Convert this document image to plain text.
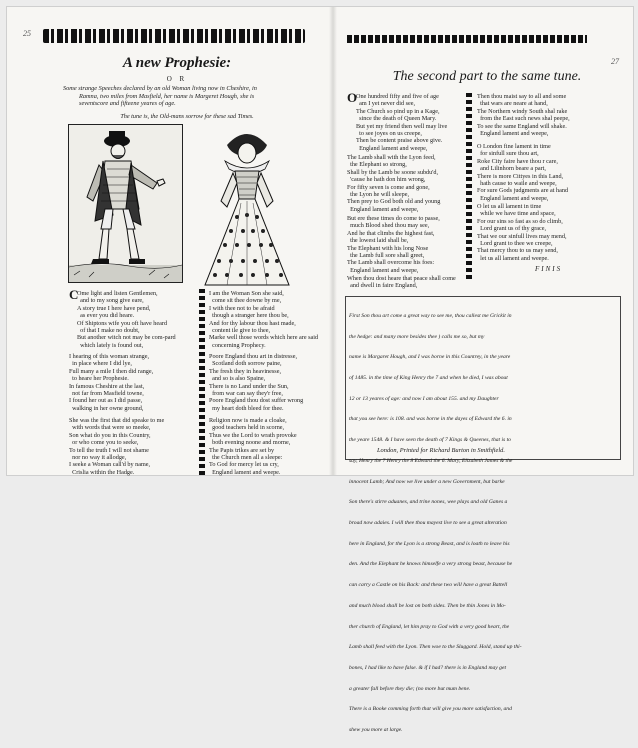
25
A new Prophesie:
O R
Some strange Speeches declared by an old Woman living now in Cheshire, in
Ramna, two miles from Masfield, her name is Margeret Hough, she is
seventscore and fifteene yeares of age.
The tune is, the Old-mans sorrow for these sad Times.
C
Ome light and listen Gentlemen,
and to my song give eare,
A story true I here have pend,
as ever you did heare.
Of Shiptons wife you oft have heard
of that I make no doubt,
But another witch not may be com-pard
which lately is found out,
I hearing of this woman strange,
in place where I did lye,
Full many a mile I then did range,
to heare her Prophesie.
In famous Cheshire at the last,
not far from Masfield towne,
I found her out as I did passe,
walking in her owne ground,
She was the first that did speake to me
with words that were so meeke,
Son what do you in this Country,
or who come you to seeke,
To tell the truth I will not shame
nor no way it allodge,
I seeke a Woman call'd by name,
Crislia within the Hadge.
I am the Woman Son she said,
come sit thee downe by me,
I with thee not to be afraid
though a stranger here thou be,
And for thy labour thou hast made,
content ile give to thee,
Marke well those words which here are said
concerning Prophecy.
Poore England thou art in distresse,
Scotland doth sorrow paine,
The fresh they in heavinesse,
and so is also Spaine,
There is no Land under the Sun,
from war can say they'r free,
Poore England thou dost suffer wrong
my heart doth bleed for thee.
Religion now is made a cloake,
good teachers held in scorne,
Thus we the Lord to wrath provoke
both evening noone and morne,
The Papis trikes are set by
the Church men all a sleepe:
To God for mercy let us cry,
England lament and weepe.
27
The second part to the same tune.
O
One hundred fifty and five of age
am I yet never did see,
The Church so pind up in a Kage,
since the death of Queen Mary.
But yet my friend then well may live
to see joyes on us creepe,
Then be content praise above give.
England lament and weepe,
The Lamb shall with the Lyon feed,
the Elephant so strong,
Shall by the Lamb be soone subdu'd,
'cause he hath don him wrong,
For fifty seven is come and gone,
the Lyon he will sleepe,
Then prey to God both old and young
England lament and weepe,
But ere these times do come to passe,
much Blood shed thou may see,
And he that climbs the highest fast,
the lowest laid shall be,
The Elephant with his long Nose
the Lamb full sore shall greet,
The Lamb shall overcome his foes:
England lament and weepe,
When thou dost heare that peace shall come
and dwell in faire England,
Then thou maist say to all and some
that wars are neare at hand,
The Northern windy South shal rake
from the East such news shal peepe,
To see the same England will shake.
England lament and weepe,
O London fine lament in time
for sinfull sure thou art,
Roke City faire have thou r care,
and Lilinhorn beare a part,
There is more Cittyes in this Land,
hath cause to waile and weepe,
For sure Gods judgments are at hand
England lament and weepe,
O let us all lament in time
while we have time and space,
For our sins so fast as so do climb,
Lord grant us of thy grace,
That we our sinfull lives may mend,
Lord grant to thee we creepe,
That mercy thou to us may send,
let us all lament and weepe.
FINIS

First Son thou art come a great way to see me, thou callest me Grickit in

the hedge: and many more besides thee ) calls me so, but my

name is Margaret Hough, and I was borne in this Countrey, in the yeare

of 1485. in the time of King Henry the 7 and when he died, I was about

12 or 13 yeares of age: and now I am about 155. and my Daughter

that you see here: is 108. and was borne in the dayes of Edward the 6. in

the yeare 1548. & I have seen the death of 7 Kings & Queenes, that is to

say, Henry the 7 Henry the 8 Edward the 6. Mary, Elizabeth James & the

innocent Lamb; And now we live under a new Government, but barke

Son there's stirre aduanes, and trine nones, wee plays and old Ganes a

broad now adaies. I will thee thou mayest live to see a great alteration

here in England, for the Lyon is a strong Beast, and is loath to leave his

den. And the Elephant he knows himselfe a very strong beast, because he

can carry a Castle on his Back: and these two will have a great Battell

and much blood shall be lost on both sides. Then be thin Jones in Mo-

ther church of England, let him pray to God with a very good heart, the

Lamb shall feed with the Lyon. Then woe to the Sluggard. Hold, stand up thi-

bones, I had like to have false. & if I had? there is in England may get

a greater fall before they die; (no more but mum bene.

There is a Booke comming forth that will give you more satisfaction, and

shew you more at large.

London, Printed for Richard Burton in Smithfield.
